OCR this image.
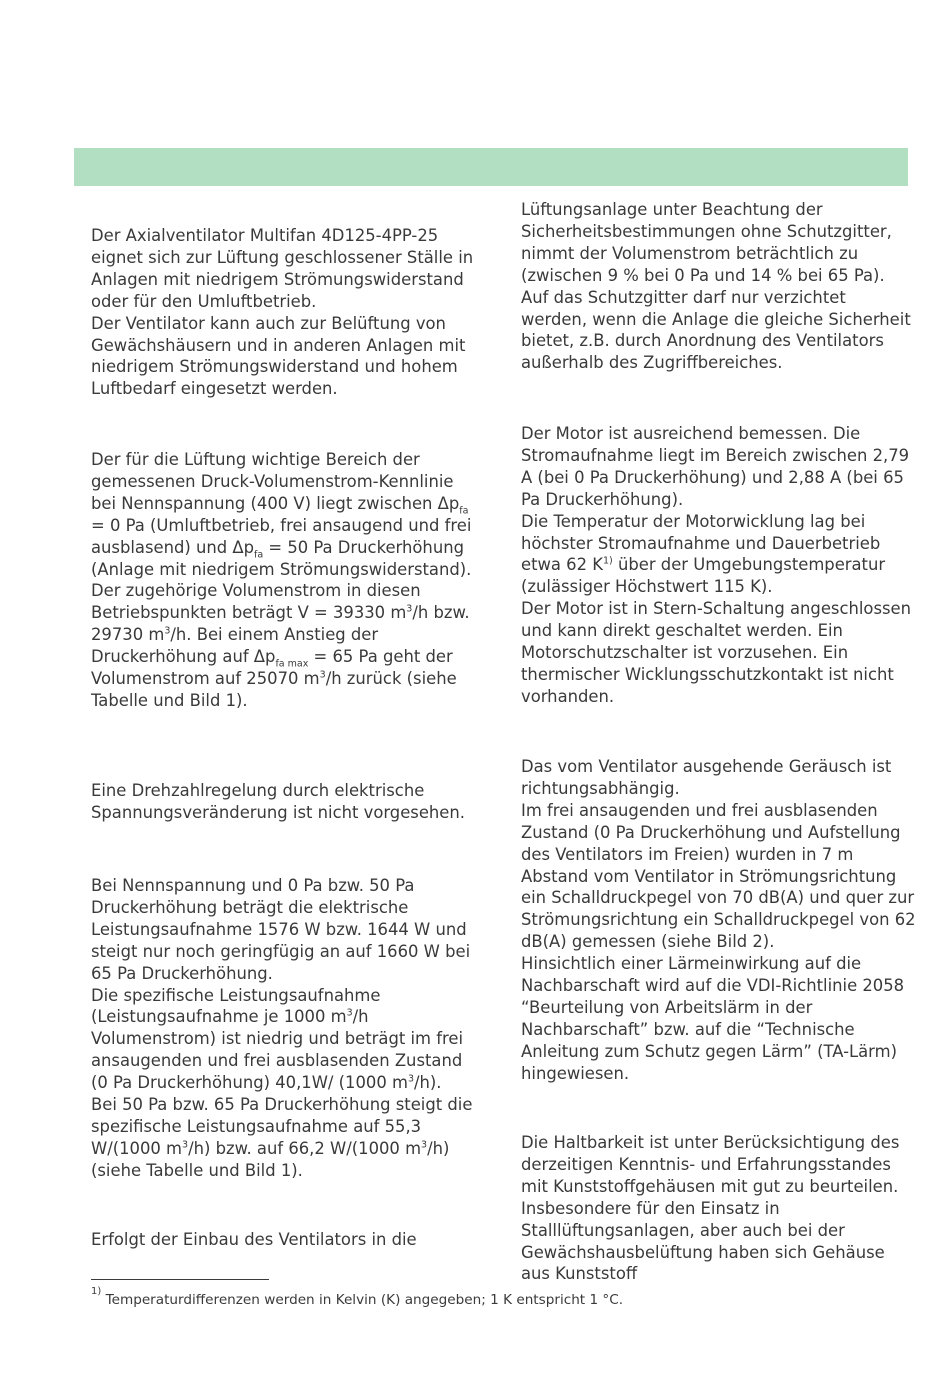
Der Axialventilator Multifan 4D125-4PP-25 eignet sich zur Lüftung geschlossener Ställe in Anlagen mit niedrigem Strömungswiderstand oder für den Umluftbetrieb.

Der Ventilator kann auch zur Belüftung von Gewächshäusern und in anderen Anlagen mit niedrigem Strömungswiderstand und hohem Luftbedarf eingesetzt werden.

Der für die Lüftung wichtige Bereich der gemessenen Druck-Volumenstrom-Kennlinie bei Nennspannung (400 V) liegt zwischen $\Delta p_{fa} = 0$ Pa (Umluftbetrieb, frei ansaugend und frei ausblasend) und $\Delta p_{fa} = 50$ Pa Druckerhöhung (Anlage mit niedrigem Strömungswiderstand).

Der zugehörige Volumenstrom in diesen Betriebspunkten beträgt V = 39330 $m^3/h$ bzw. 29730 $m^3/h$. Bei einem Anstieg der Druckerhöhung auf $\Delta p_{fa max} = 65$ Pa geht der Volumenstrom auf 25070 $m^3/h$ zurück (siehe Tabelle und Bild 1).

Eine Drehzahlregelung durch elektrische Spannungsveränderung ist nicht vorgesehen.

Bei Nennspannung und 0 Pa bzw. 50 Pa Druckerhöhung beträgt die elektrische Leistungsaufnahme 1576 W bzw. 1644 W und steigt nur noch geringfügig an auf 1660 W bei 65 Pa Druckerhöhung.

Die spezifische Leistungsaufnahme (Leistungsaufnahme je 1000 $m^3/h$ Volumenstrom) ist niedrig und beträgt im frei ansaugenden und frei ausblasenden Zustand (0 Pa Druckerhöhung) 40,1W/ (1000 $m^3/h$).

Bei 50 Pa bzw. 65 Pa Druckerhöhung steigt die spezifische Leistungsaufnahme auf 55,3 W/(1000 $m^3/h$) bzw. auf 66,2 W/(1000 $m^3/h$) (siehe Tabelle und Bild 1).

Erfolgt der Einbau des Ventilators in die

Lüftungsanlage unter Beachtung der Sicherheitsbestimmungen ohne Schutzgitter, nimmt der Volumenstrom beträchtlich zu (zwischen 9 % bei 0 Pa und 14 % bei 65 Pa). Auf das Schutzgitter darf nur verzichtet werden, wenn die Anlage die gleiche Sicherheit bietet, z.B. durch Anordnung des Ventilators außerhalb des Zugriffbereiches.

Der Motor ist ausreichend bemessen. Die Stromaufnahme liegt im Bereich zwischen 2,79 A (bei 0 Pa Druckerhöhung) und 2,88 A (bei 65 Pa Druckerhöhung).

Die Temperatur der Motorwicklung lag bei höchster Stromaufnahme und Dauerbetrieb etwa 62 $K^{1)}$ über der Umgebungstemperatur (zulässiger Höchstwert 115 K).

Der Motor ist in Stern-Schaltung angeschlossen und kann direkt geschaltet werden. Ein Motorschutzschalter ist vorzusehen. Ein thermischer Wicklungsschutzkontakt ist nicht vorhanden.

Das vom Ventilator ausgehende Geräusch ist richtungsabhängig.

Im frei ansaugenden und frei ausblasenden Zustand (0 Pa Druckerhöhung und Aufstellung des Ventilators im Freien) wurden in 7 m Abstand vom Ventilator in Strömungsrichtung ein Schalldruckpegel von 70 dB(A) und quer zur Strömungsrichtung ein Schalldruckpegel von 62 dB(A) gemessen (siehe Bild 2).

Hinsichtlich einer Lärmeinwirkung auf die Nachbarschaft wird auf die VDI-Richtlinie 2058 “Beurteilung von Arbeitslärm in der Nachbarschaft” bzw. auf die “Technische Anleitung zum Schutz gegen Lärm” (TA-Lärm) hingewiesen.

Die Haltbarkeit ist unter Berücksichtigung des derzeitigen Kenntnis- und Erfahrungsstandes mit Kunststoffgehäusen mit gut zu beurteilen. Insbesondere für den Einsatz in Stalllüftungsanlagen, aber auch bei der Gewächshausbelüftung haben sich Gehäuse aus Kunststoff

$^{1)}$ Temperaturdifferenzen werden in Kelvin (K) angegeben; 1 K entspricht 1 °C.
